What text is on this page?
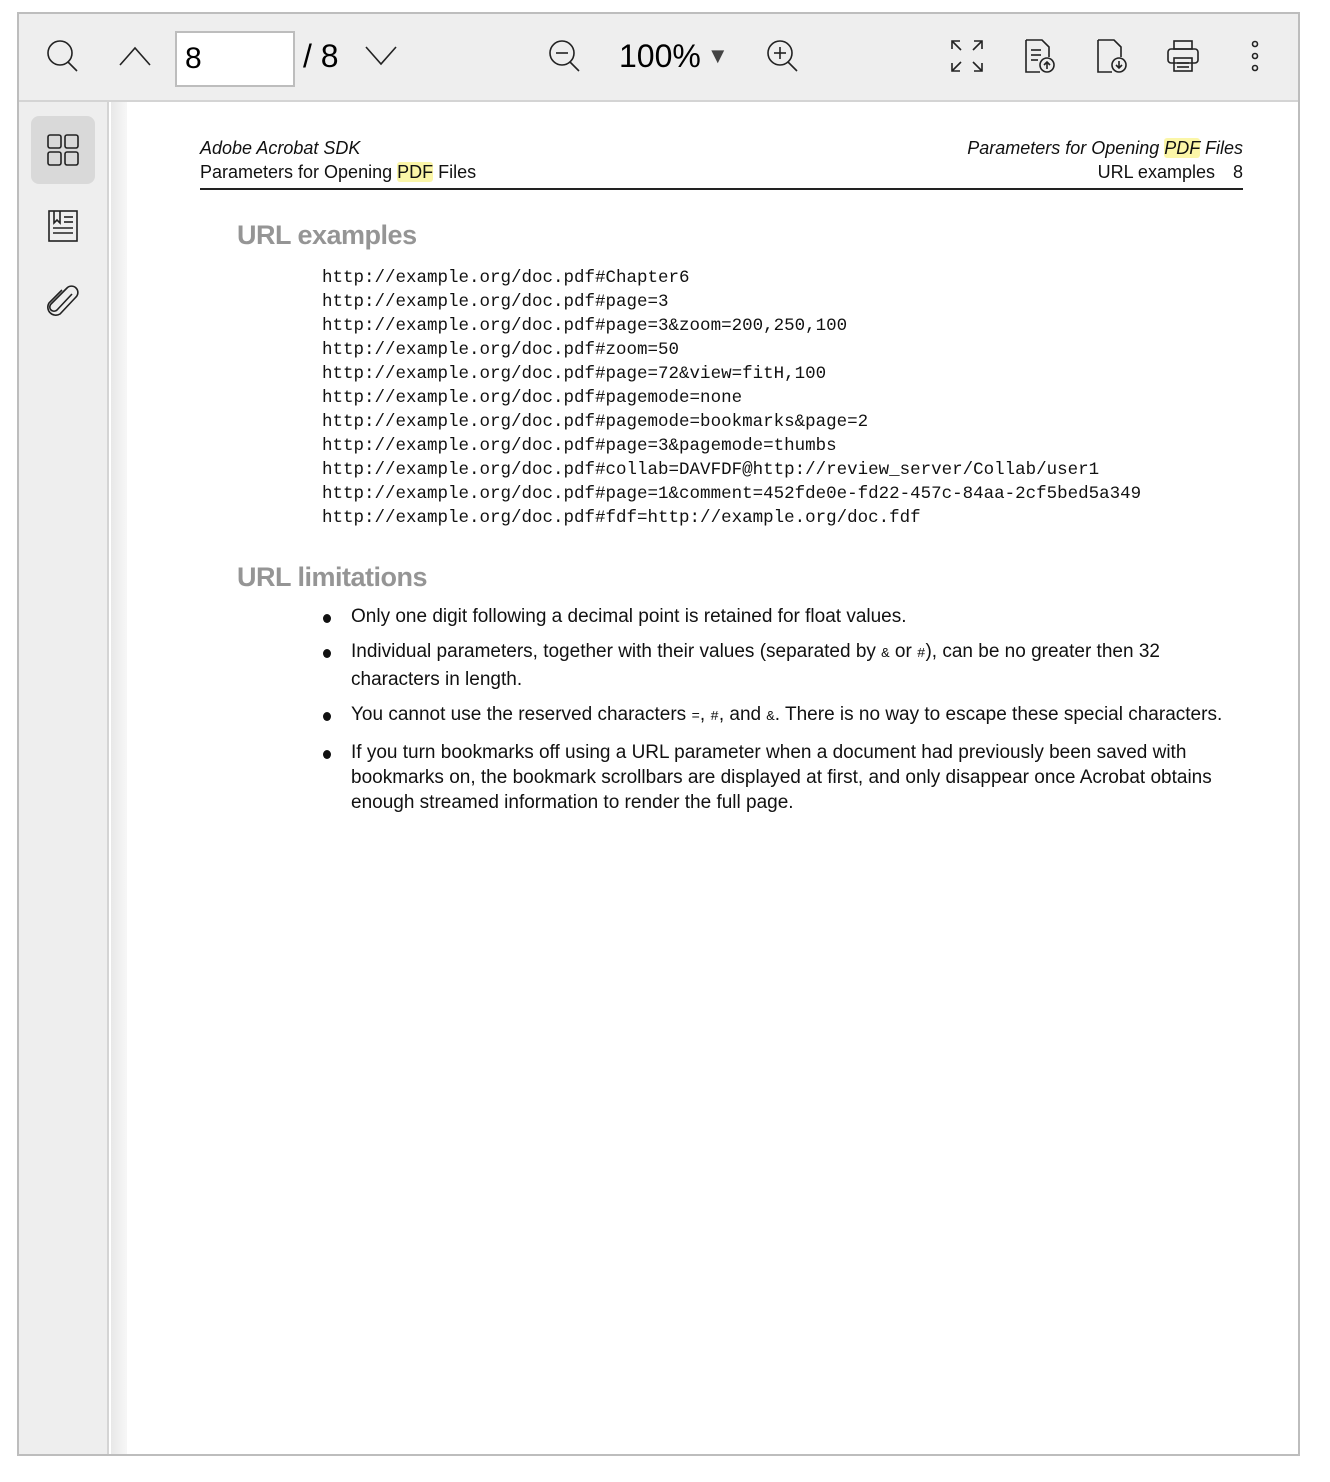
8	/ 8	100% ▼
Adobe Acrobat SDK
Parameters for Opening PDF Files
Parameters for Opening PDF Files
URL examples 8
URL examples
http://example.org/doc.pdf#Chapter6
http://example.org/doc.pdf#page=3
http://example.org/doc.pdf#page=3&zoom=200,250,100
http://example.org/doc.pdf#zoom=50
http://example.org/doc.pdf#page=72&view=fitH,100
http://example.org/doc.pdf#pagemode=none
http://example.org/doc.pdf#pagemode=bookmarks&page=2
http://example.org/doc.pdf#page=3&pagemode=thumbs
http://example.org/doc.pdf#collab=DAVFDF@http://review_server/Collab/user1
http://example.org/doc.pdf#page=1&comment=452fde0e-fd22-457c-84aa-2cf5bed5a349
http://example.org/doc.pdf#fdf=http://example.org/doc.fdf
URL limitations
Only one digit following a decimal point is retained for float values.
Individual parameters, together with their values (separated by & or #), can be no greater then 32 characters in length.
You cannot use the reserved characters =, #, and &. There is no way to escape these special characters.
If you turn bookmarks off using a URL parameter when a document had previously been saved with bookmarks on, the bookmark scrollbars are displayed at first, and only disappear once Acrobat obtains enough streamed information to render the full page.
